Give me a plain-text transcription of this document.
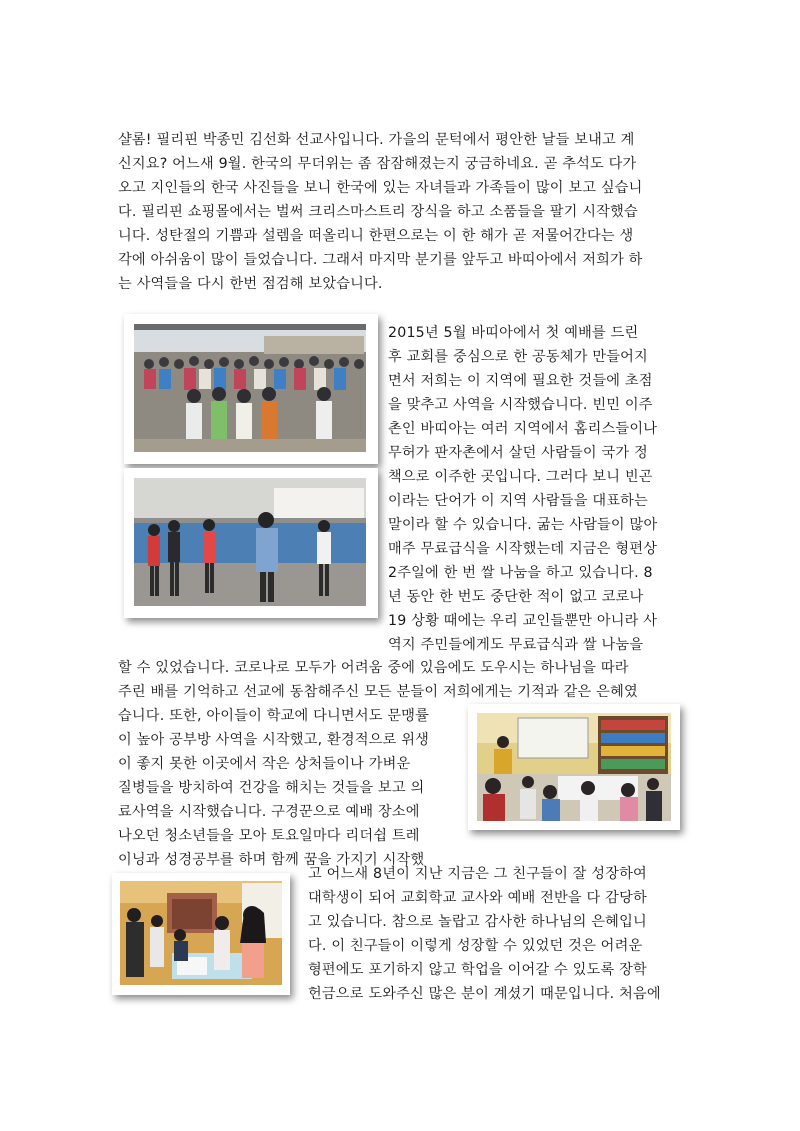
샬롬! 필리핀 박종민 김선화 선교사입니다. 가을의 문턱에서 평안한 날들 보내고 계
신지요? 어느새 9월. 한국의 무더위는 좀 잠잠해졌는지 궁금하네요. 곧 추석도 다가
오고 지인들의 한국 사진들을 보니 한국에 있는 자녀들과 가족들이 많이 보고 싶습니
다. 필리핀 쇼핑몰에서는 벌써 크리스마스트리 장식을 하고 소품들을 팔기 시작했습
니다. 성탄절의 기쁨과 설렘을 떠올리니 한편으로는 이 한 해가 곧 저물어간다는 생
각에 아쉬움이 많이 들었습니다. 그래서 마지막 분기를 앞두고 바띠아에서 저희가 하
는 사역들을 다시 한번 점검해 보았습니다.
2015년 5월 바띠아에서 첫 예배를 드린
후 교회를 중심으로 한 공동체가 만들어지
면서 저희는 이 지역에 필요한 것들에 초점
을 맞추고 사역을 시작했습니다. 빈민 이주
촌인 바띠아는 여러 지역에서 홈리스들이나
무허가 판자촌에서 살던 사람들이 국가 정
책으로 이주한 곳입니다. 그러다 보니 빈곤
이라는 단어가 이 지역 사람들을 대표하는
말이라 할 수 있습니다. 굶는 사람들이 많아
매주 무료급식을 시작했는데 지금은 형편상
2주일에 한 번 쌀 나눔을 하고 있습니다. 8
년 동안 한 번도 중단한 적이 없고 코로나
19 상황 때에는 우리 교인들뿐만 아니라 사
역지 주민들에게도 무료급식과 쌀 나눔을
할 수 있었습니다. 코로나로 모두가 어려움 중에 있음에도 도우시는 하나님을 따라
주린 배를 기억하고 선교에 동참해주신 모든 분들이 저희에게는 기적과 같은 은혜였
습니다. 또한, 아이들이 학교에 다니면서도 문맹률
이 높아 공부방 사역을 시작했고, 환경적으로 위생
이 좋지 못한 이곳에서 작은 상처들이나 가벼운
질병들을 방치하여 건강을 해치는 것들을 보고 의
료사역을 시작했습니다. 구경꾼으로 예배 장소에
나오던 청소년들을 모아 토요일마다 리더쉽 트레
이닝과 성경공부를 하며 함께 꿈을 가지기 시작했
고 어느새 8년이 지난 지금은 그 친구들이 잘 성장하여
대학생이 되어 교회학교 교사와 예배 전반을 다 감당하
고 있습니다. 참으로 놀랍고 감사한 하나님의 은혜입니
다. 이 친구들이 이렇게 성장할 수 있었던 것은 어려운
형편에도 포기하지 않고 학업을 이어갈 수 있도록 장학
헌금으로 도와주신 많은 분이 계셨기 때문입니다. 처음에
